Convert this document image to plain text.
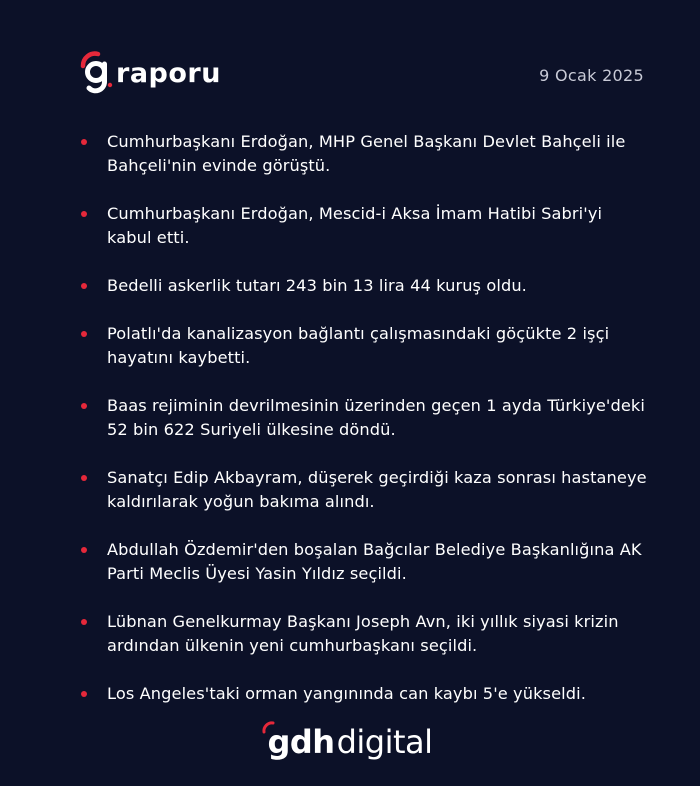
raporu	9 Ocak 2025
Cumhurbaşkanı Erdoğan, MHP Genel Başkanı Devlet Bahçeli ile Bahçeli'nin evinde görüştü.
Cumhurbaşkanı Erdoğan, Mescid-i Aksa İmam Hatibi Sabri'yi kabul etti.
Bedelli askerlik tutarı 243 bin 13 lira 44 kuruş oldu.
Polatlı'da kanalizasyon bağlantı çalışmasındaki göçükte 2 işçi hayatını kaybetti.
Baas rejiminin devrilmesinin üzerinden geçen 1 ayda Türkiye'deki 52 bin 622 Suriyeli ülkesine döndü.
Sanatçı Edip Akbayram, düşerek geçirdiği kaza sonrası hastaneye kaldırılarak yoğun bakıma alındı.
Abdullah Özdemir'den boşalan Bağcılar Belediye Başkanlığına AK Parti Meclis Üyesi Yasin Yıldız seçildi.
Lübnan Genelkurmay Başkanı Joseph Avn, iki yıllık siyasi krizin ardından ülkenin yeni cumhurbaşkanı seçildi.
Los Angeles'taki orman yangınında can kaybı 5'e yükseldi.
gdh digital
